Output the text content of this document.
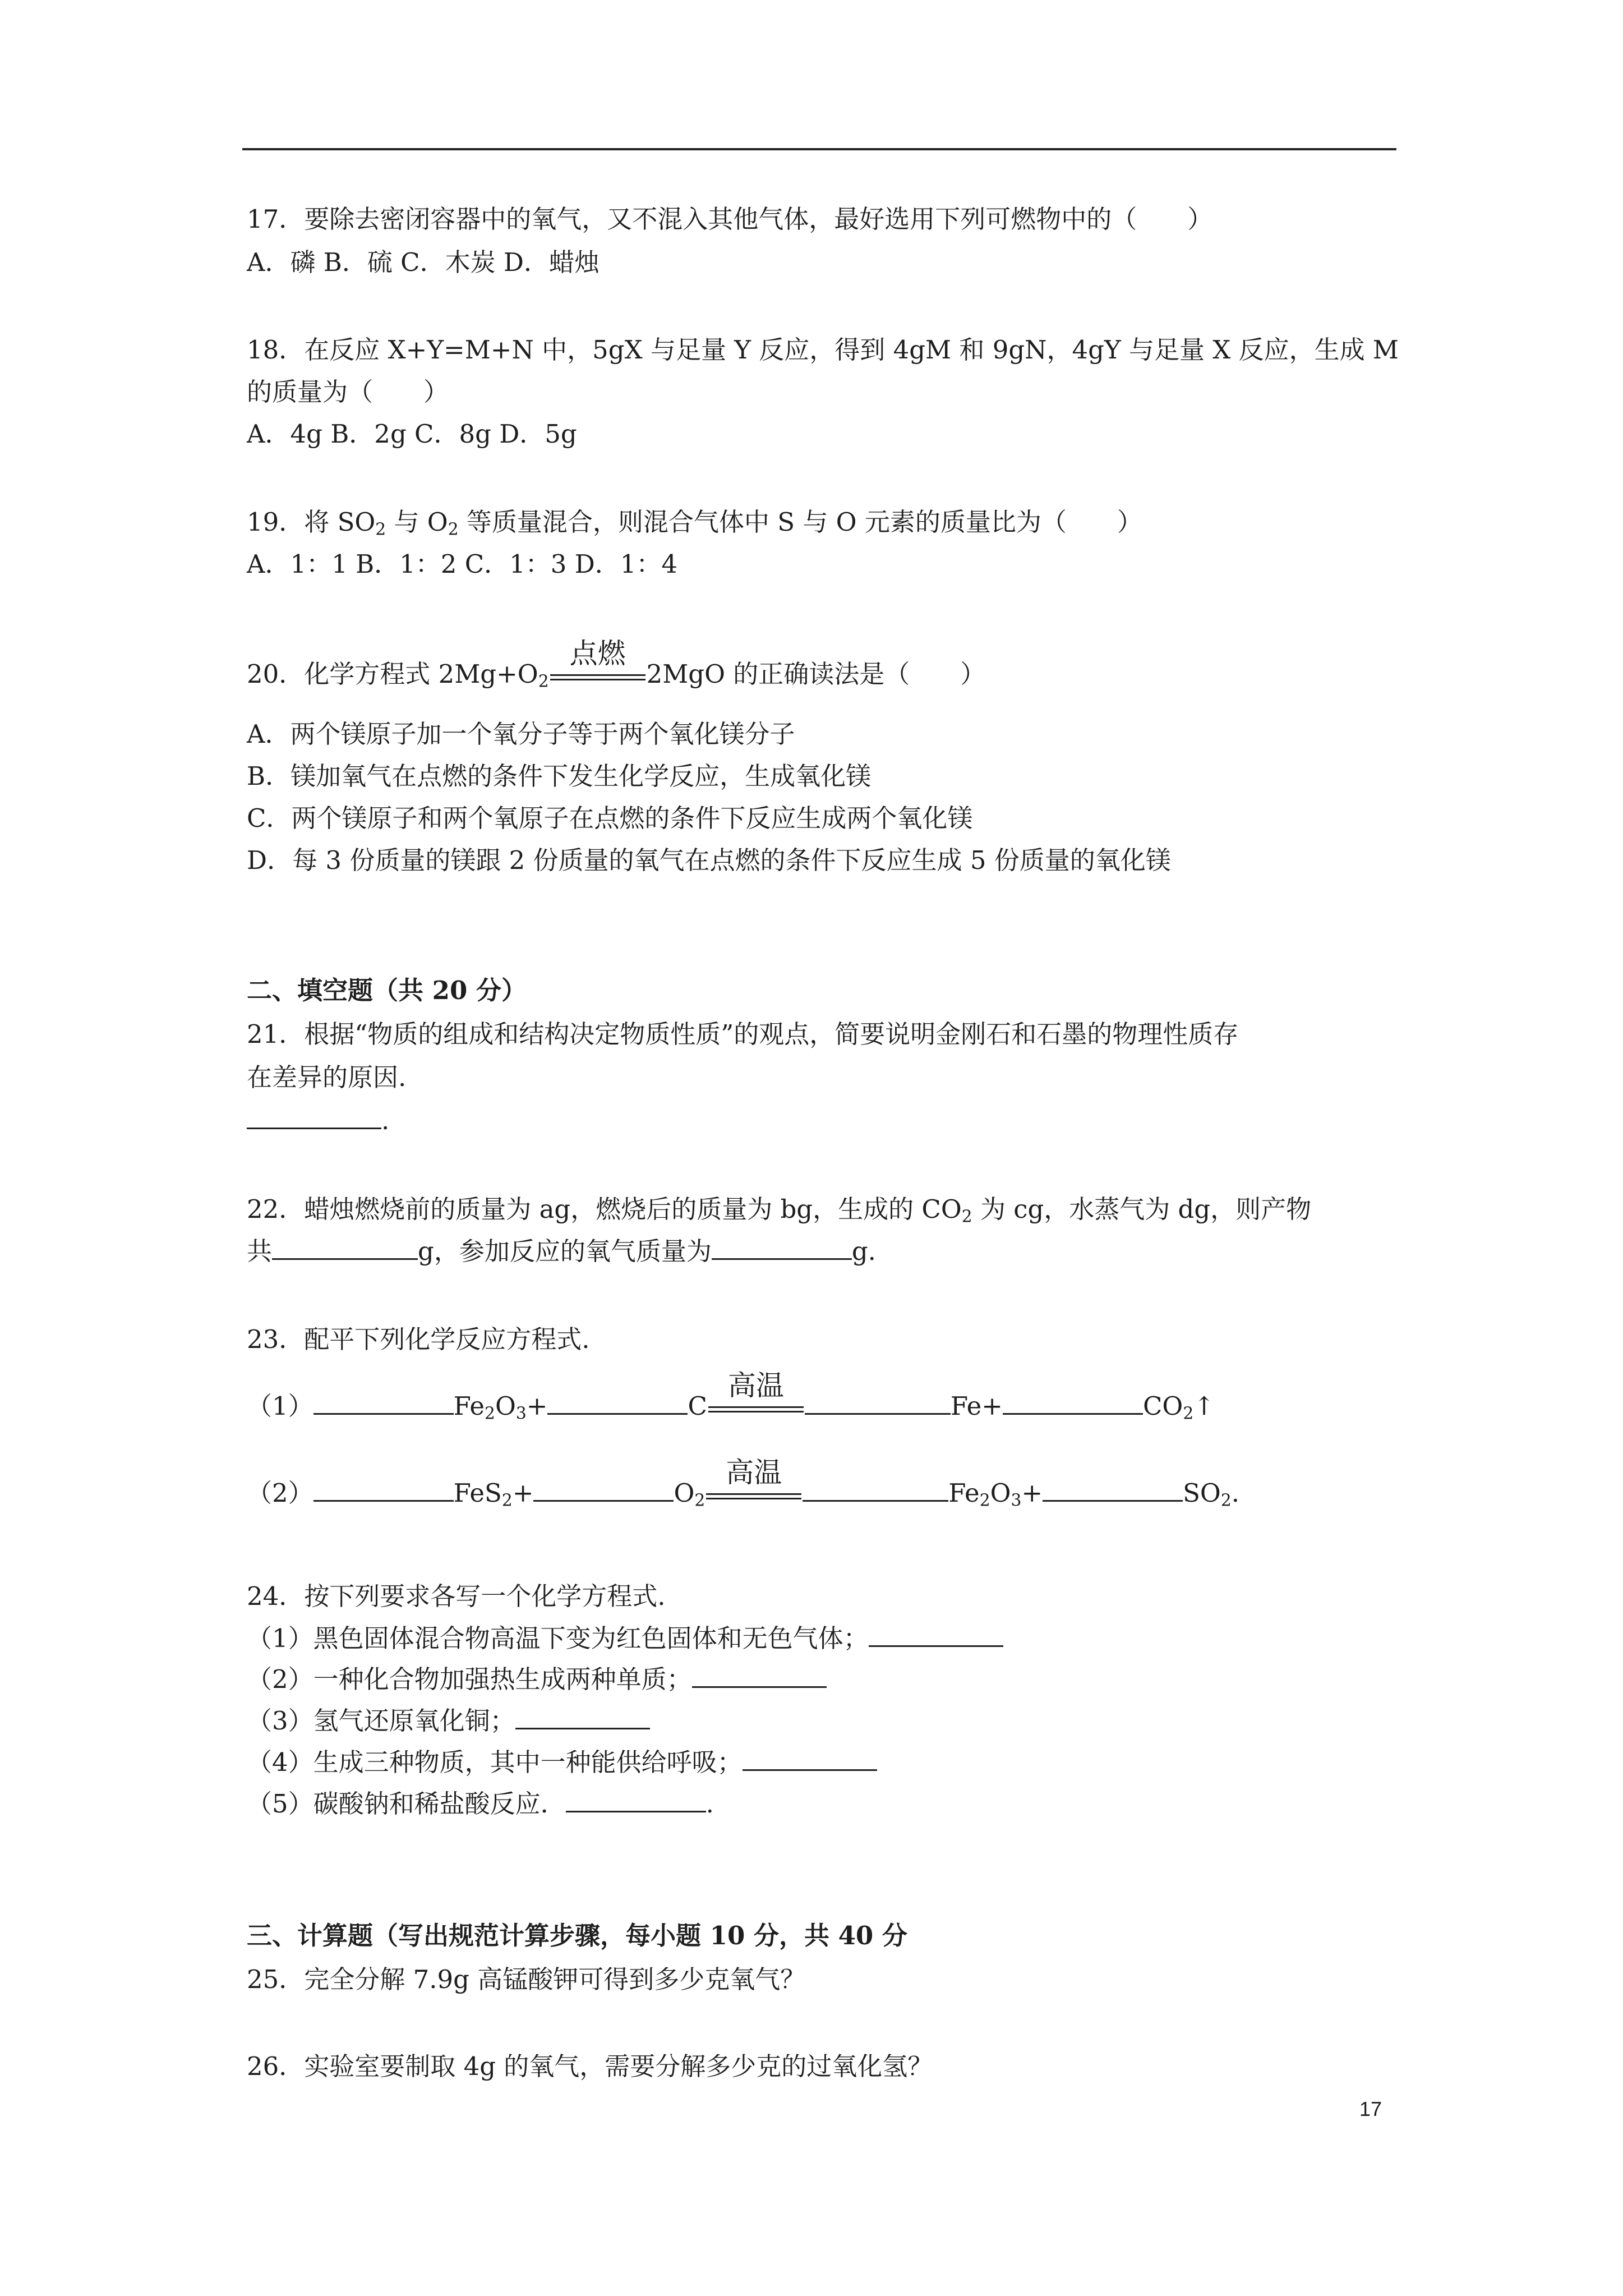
17．要除去密闭容器中的氧气，又不混入其他气体，最好选用下列可燃物中的（ ）
A．磷 B．硫 C．木炭 D．蜡烛
18．在反应 X+Y=M+N 中，5gX 与足量 Y 反应，得到 4gM 和 9gN，4gY 与足量 X 反应，生成 M
的质量为（ ）
A．4g B．2g C．8g D．5g
19．将 $SO_2$ 与 $O_2$ 等质量混合，则混合气体中 S 与 O 元素的质量比为（ ）
A．1：1 B．1：2 C．1：3 D．1：4
20．化学方程式 $2Mg+O_2$
点燃
2MgO 的正确读法是（ ）
A．两个镁原子加一个氧分子等于两个氧化镁分子
B．镁加氧气在点燃的条件下发生化学反应，生成氧化镁
C．两个镁原子和两个氧原子在点燃的条件下反应生成两个氧化镁
D．每 3 份质量的镁跟 2 份质量的氧气在点燃的条件下反应生成 5 份质量的氧化镁
二、填空题（共 20 分）
21．根据“物质的组成和结构决定物质性质”的观点，简要说明金刚石和石墨的物理性质存
在差异的原因.
.
22．蜡烛燃烧前的质量为 ag，燃烧后的质量为 bg，生成的 $CO_2$ 为 cg，水蒸气为 dg，则产物
共	g，参加反应的氧气质量为	g.
23．配平下列化学反应方程式.
（1）	$Fe_2O_3+$	C
高温
Fe+	$CO_2↑$
（2）	FeS$_2$+	$O_2$
高温
$Fe_2O_3+$	$SO_2$.
24．按下列要求各写一个化学方程式.
（1）黑色固体混合物高温下变为红色固体和无色气体；
（2）一种化合物加强热生成两种单质；
（3）氢气还原氧化铜；
（4）生成三种物质，其中一种能供给呼吸；
（5）碳酸钠和稀盐酸反应．	.
三、计算题（写出规范计算步骤，每小题 10 分，共 40 分
25．完全分解 7.9g 高锰酸钾可得到多少克氧气？
26．实验室要制取 4g 的氧气，需要分解多少克的过氧化氢？
17
